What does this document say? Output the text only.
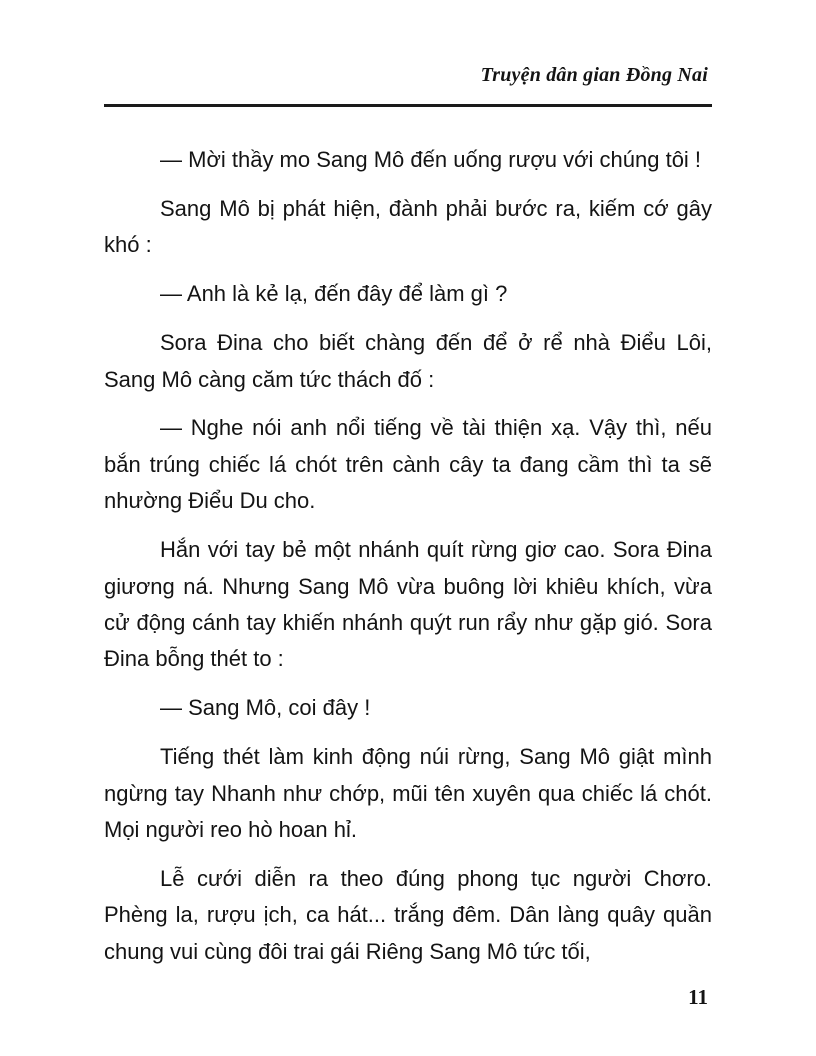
Truyện dân gian Đồng Nai

— Mời thầy mo Sang Mô đến uống rượu với chúng tôi !

Sang Mô bị phát hiện, đành phải bước ra, kiếm cớ gây khó :

— Anh là kẻ lạ, đến đây để làm gì ?

Sora Đina cho biết chàng đến để ở rể nhà Điểu Lôi, Sang Mô càng căm tức thách đố :

— Nghe nói anh nổi tiếng về tài thiện xạ. Vậy thì, nếu bắn trúng chiếc lá chót trên cành cây ta đang cầm thì ta sẽ nhường Điểu Du cho.

Hắn với tay bẻ một nhánh quít rừng giơ cao. Sora Đina giương ná. Nhưng Sang Mô vừa buông lời khiêu khích, vừa cử động cánh tay khiến nhánh quýt run rẩy như gặp gió. Sora Đina bỗng thét to :

— Sang Mô, coi đây !

Tiếng thét làm kinh động núi rừng, Sang Mô giật mình ngừng tay Nhanh như chớp, mũi tên xuyên qua chiếc lá chót. Mọi người reo hò hoan hỉ.

Lễ cưới diễn ra theo đúng phong tục người Chơro. Phèng la, rượu ịch, ca hát... trắng đêm. Dân làng quây quần chung vui cùng đôi trai gái Riêng Sang Mô tức tối,

11
